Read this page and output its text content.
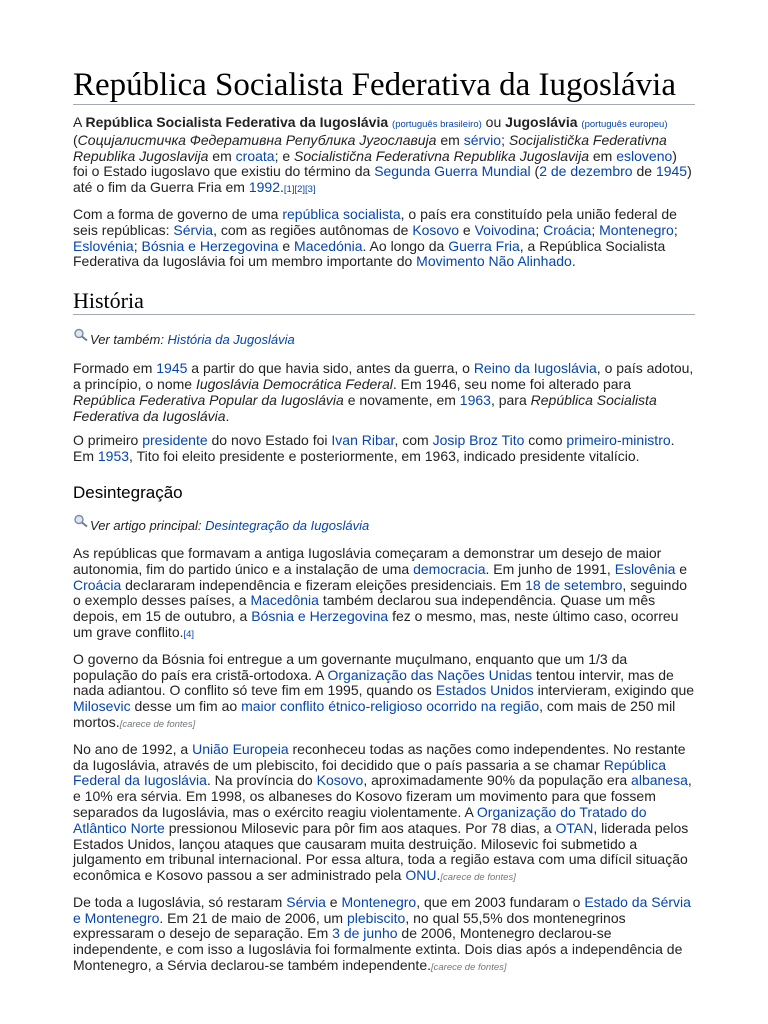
República Socialista Federativa da Iugoslávia

A República Socialista Federativa da Iugoslávia (português brasileiro) ou Jugoslávia (português europeu) (Социјалистичка Федеративна Република Југославија em sérvio; Socijalistička Federativna Republika Jugoslavija em croata; e Socialistična Federativna Republika Jugoslavija em esloveno) foi o Estado iugoslavo que existiu do término da Segunda Guerra Mundial (2 de dezembro de 1945) até o fim da Guerra Fria em 1992.[1][2][3]

Com a forma de governo de uma república socialista, o país era constituído pela união federal de seis repúblicas: Sérvia, com as regiões autônomas de Kosovo e Voivodina; Croácia; Montenegro; Eslovénia; Bósnia e Herzegovina e Macedónia. Ao longo da Guerra Fria, a República Socialista Federativa da Iugoslávia foi um membro importante do Movimento Não Alinhado.

História

Ver também: História da Jugoslávia

Formado em 1945 a partir do que havia sido, antes da guerra, o Reino da Iugoslávia, o país adotou, a princípio, o nome Iugoslávia Democrática Federal. Em 1946, seu nome foi alterado para República Federativa Popular da Iugoslávia e novamente, em 1963, para República Socialista Federativa da Iugoslávia.

O primeiro presidente do novo Estado foi Ivan Ribar, com Josip Broz Tito como primeiro-ministro. Em 1953, Tito foi eleito presidente e posteriormente, em 1963, indicado presidente vitalício.

Desintegração

Ver artigo principal: Desintegração da Iugoslávia

As repúblicas que formavam a antiga Iugoslávia começaram a demonstrar um desejo de maior autonomia, fim do partido único e a instalação de uma democracia. Em junho de 1991, Eslovênia e Croácia declararam independência e fizeram eleições presidenciais. Em 18 de setembro, seguindo o exemplo desses países, a Macedônia também declarou sua independência. Quase um mês depois, em 15 de outubro, a Bósnia e Herzegovina fez o mesmo, mas, neste último caso, ocorreu um grave conflito.[4]

O governo da Bósnia foi entregue a um governante muçulmano, enquanto que um 1/3 da população do país era cristã-ortodoxa. A Organização das Nações Unidas tentou intervir, mas de nada adiantou. O conflito só teve fim em 1995, quando os Estados Unidos intervieram, exigindo que Milosevic desse um fim ao maior conflito étnico-religioso ocorrido na região, com mais de 250 mil mortos.[carece de fontes]

No ano de 1992, a União Europeia reconheceu todas as nações como independentes. No restante da Iugoslávia, através de um plebiscito, foi decidido que o país passaria a se chamar República Federal da Iugoslávia. Na província do Kosovo, aproximadamente 90% da população era albanesa, e 10% era sérvia. Em 1998, os albaneses do Kosovo fizeram um movimento para que fossem separados da Iugoslávia, mas o exército reagiu violentamente. A Organização do Tratado do Atlântico Norte pressionou Milosevic para pôr fim aos ataques. Por 78 dias, a OTAN, liderada pelos Estados Unidos, lançou ataques que causaram muita destruição. Milosevic foi submetido a julgamento em tribunal internacional. Por essa altura, toda a região estava com uma difícil situação econômica e Kosovo passou a ser administrado pela ONU.[carece de fontes]

De toda a Iugoslávia, só restaram Sérvia e Montenegro, que em 2003 fundaram o Estado da Sérvia e Montenegro. Em 21 de maio de 2006, um plebiscito, no qual 55,5% dos montenegrinos expressaram o desejo de separação. Em 3 de junho de 2006, Montenegro declarou-se independente, e com isso a Iugoslávia foi formalmente extinta. Dois dias após a independência de Montenegro, a Sérvia declarou-se também independente.[carece de fontes]
